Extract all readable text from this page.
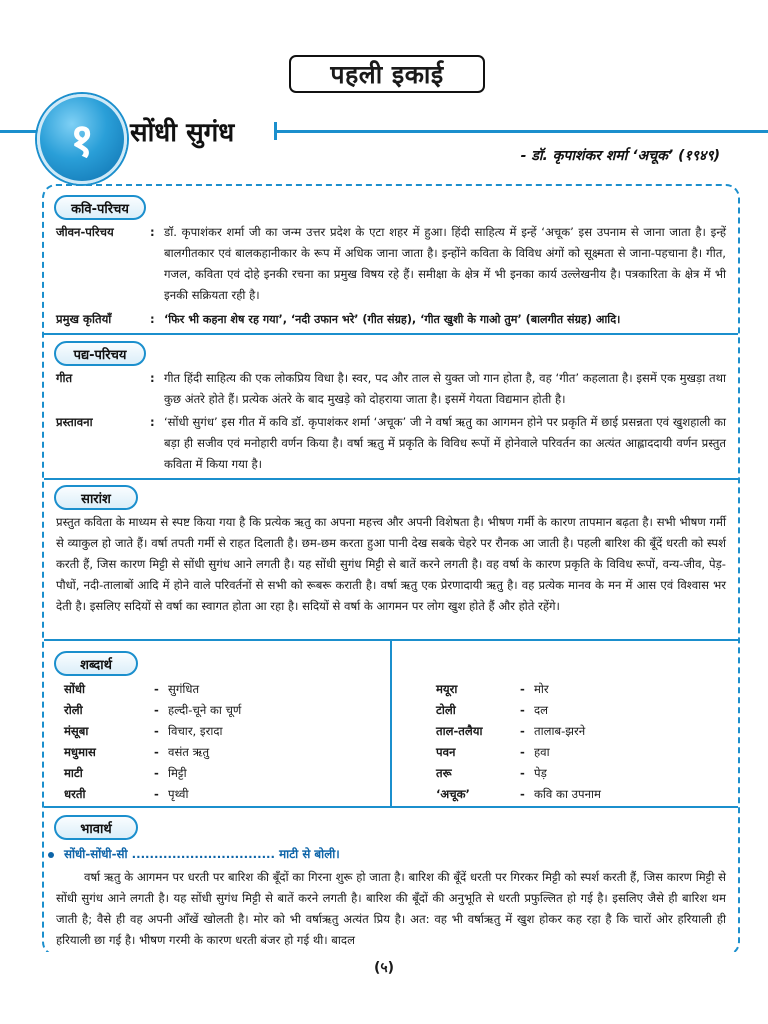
पहली इकाई
१ सोंधी सुगंध
- डॉ. कृपाशंकर शर्मा ‘अचूक’ (१९४९)
कवि-परिचय
जीवन-परिचय	: डॉ. कृपाशंकर शर्मा जी का जन्म उत्तर प्रदेश के एटा शहर में हुआ। हिंदी साहित्य में इन्हें ‘अचूक’ इस उपनाम से जाना जाता है। इन्हें बालगीतकार एवं बालकहानीकार के रूप में अधिक जाना जाता है। इन्होंने कविता के विविध अंगों को सूक्ष्मता से जाना-पहचाना है। गीत, गजल, कविता एवं दोहे इनकी रचना का प्रमुख विषय रहे हैं। समीक्षा के क्षेत्र में भी इनका कार्य उल्लेखनीय है। पत्रकारिता के क्षेत्र में भी इनकी सक्रियता रही है।
प्रमुख कृतियाँ	: ‘फिर भी कहना शेष रह गया’, ‘नदी उफान भरे’ (गीत संग्रह), ‘गीत खुशी के गाओ तुम’ (बालगीत संग्रह) आदि।
पद्य-परिचय
गीत	: गीत हिंदी साहित्य की एक लोकप्रिय विधा है। स्वर, पद और ताल से युक्त जो गान होता है, वह ‘गीत’ कहलाता है। इसमें एक मुखड़ा तथा कुछ अंतरे होते हैं। प्रत्येक अंतरे के बाद मुखड़े को दोहराया जाता है। इसमें गेयता विद्यमान होती है।
प्रस्तावना	: ‘सोंधी सुगंध’ इस गीत में कवि डॉ. कृपाशंकर शर्मा ‘अचूक’ जी ने वर्षा ऋतु का आगमन होने पर प्रकृति में छाई प्रसन्नता एवं खुशहाली का बड़ा ही सजीव एवं मनोहारी वर्णन किया है। वर्षा ऋतु में प्रकृति के विविध रूपों में होनेवाले परिवर्तन का अत्यंत आह्लाददायी वर्णन प्रस्तुत कविता में किया गया है।
सारांश
प्रस्तुत कविता के माध्यम से स्पष्ट किया गया है कि प्रत्येक ऋतु का अपना महत्त्व और अपनी विशेषता है। भीषण गर्मी के कारण तापमान बढ़ता है। सभी भीषण गर्मी से व्याकुल हो जाते हैं। वर्षा तपती गर्मी से राहत दिलाती है। छम-छम करता हुआ पानी देख सबके चेहरे पर रौनक आ जाती है। पहली बारिश की बूँदें धरती को स्पर्श करती हैं, जिस कारण मिट्टी से सोंधी सुगंध आने लगती है। यह सोंधी सुगंध मिट्टी से बातें करने लगती है। वह वर्षा के कारण प्रकृति के विविध रूपों, वन्य-जीव, पेड़-पौधों, नदी-तालाबों आदि में होने वाले परिवर्तनों से सभी को रूबरू कराती है। वर्षा ऋतु एक प्रेरणादायी ऋतु है। वह प्रत्येक मानव के मन में आस एवं विश्वास भर देती है। इसलिए सदियों से वर्षा का स्वागत होता आ रहा है। सदियों से वर्षा के आगमन पर लोग खुश होते हैं और होते रहेंगे।
शब्दार्थ
सोंधी	- सुगंधित
रोली	- हल्दी-चूने का चूर्ण
मंसूबा	- विचार, इरादा
मधुमास	- वसंत ऋतु
माटी	- मिट्टी
धरती	- पृथ्वी
मयूरा	- मोर
टोली	- दल
ताल-तलैया	- तालाब-झरने
पवन	- हवा
तरू	- पेड़
‘अचूक’	- कवि का उपनाम
भावार्थ
सोंधी-सोंधी-सी ................................ माटी से बोली।
वर्षा ऋतु के आगमन पर धरती पर बारिश की बूँदों का गिरना शुरू हो जाता है। बारिश की बूँदें धरती पर गिरकर मिट्टी को स्पर्श करती हैं, जिस कारण मिट्टी से सोंधी सुगंध आने लगती है। यह सोंधी सुगंध मिट्टी से बातें करने लगती है। बारिश की बूँदों की अनुभूति से धरती प्रफुल्लित हो गई है। इसलिए जैसे ही बारिश थम जाती है; वैसे ही वह अपनी आँखें खोलती है। मोर को भी वर्षाऋतु अत्यंत प्रिय है। अत: वह भी वर्षाऋतु में खुश होकर कह रहा है कि चारों ओर हरियाली ही हरियाली छा गई है। भीषण गरमी के कारण धरती बंजर हो गई थी। बादल
(५)
